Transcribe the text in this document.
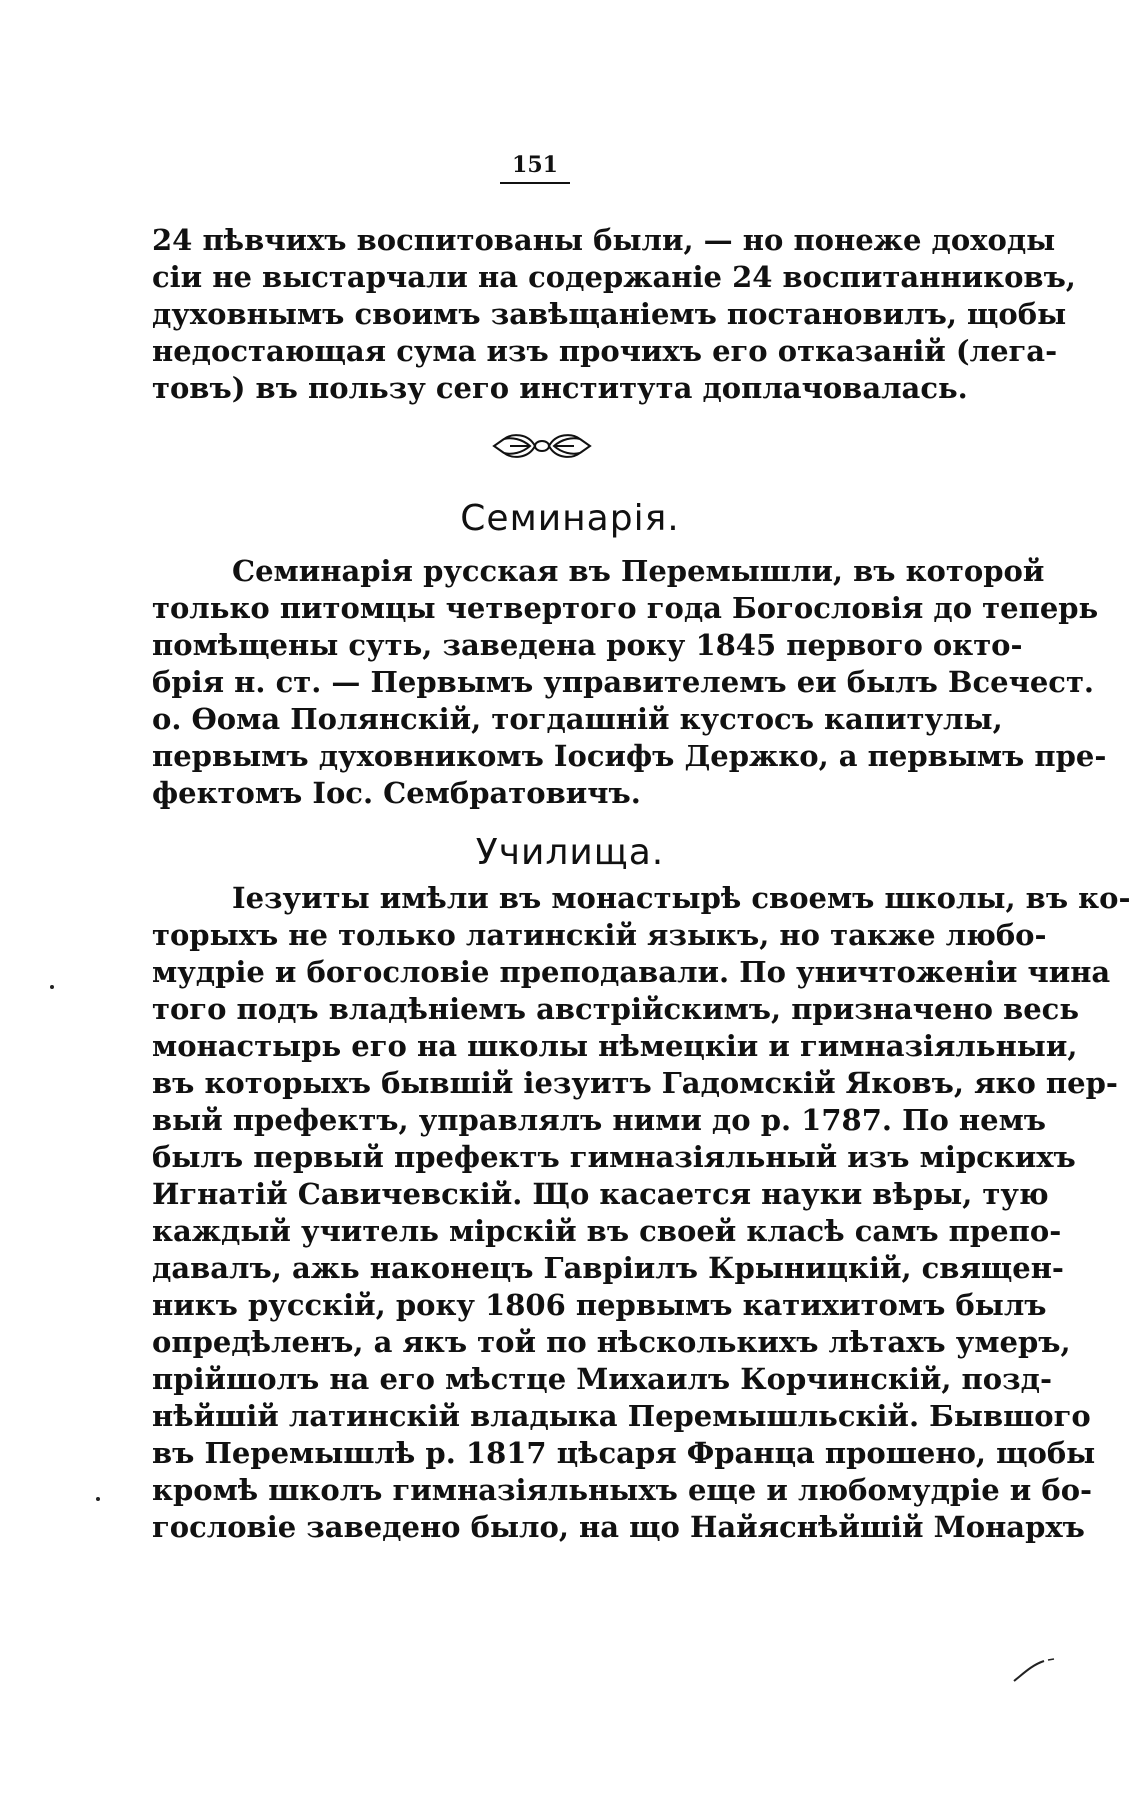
151
24 пѣвчихъ воспитованы были, — но понеже доходы
сіи не выстарчали на содержаніе 24 воспитанниковъ,
духовнымъ своимъ завѣщаніемъ постановилъ, щобы
недостающая сума изъ прочихъ его отказаній (легa-
товъ) въ пользу сего института доплачовалась.
Семинарія.
Семинарія русская въ Перемышли, въ которой
только питомцы четвертого года Богословія до теперь
помѣщены суть, заведена року 1845 первого окто-
брія н. ст. — Первымъ управителемъ еи былъ Всечест.
о. Ѳома Полянскій, тогдашній кустосъ капитулы,
первымъ духовникомъ Іосифъ Держко, а первымъ пре-
фектомъ Іос. Сембратовичъ.
Училища.
Іезуиты имѣли въ монастырѣ своемъ школы, въ ко-
торыхъ не только латинскій языкъ, но также любо-
мудріе и богословіе преподавали. По уничтоженіи чина
того подъ владѣніемъ австрійскимъ, призначено весь
монастырь его на школы нѣмецкіи и гимназіяльныи,
въ которыхъ бывшій іезуитъ Гадомскій Яковъ, яко пер-
вый префектъ, управлялъ ними до р. 1787. По немъ
былъ первый префектъ гимназіяльный изъ мірскихъ
Игнатій Савичевскій. Що касается науки вѣры, тую
каждый учитель мірскій въ своей класѣ самъ препо-
давалъ, ажь наконецъ Гавріилъ Крыницкій, священ-
никъ русскій, року 1806 первымъ катихитомъ былъ
опредѣленъ, а якъ той по нѣсколькихъ лѣтахъ умеръ,
прійшолъ на его мѣстце Михаилъ Корчинскій, позд-
нѣйшій латинскій владыка Перемышльскій. Бывшого
въ Перемышлѣ р. 1817 цѣсаря Франца прошено, щобы
кромѣ школъ гимназіяльныхъ еще и любомудріе и бо-
гословіе заведено было, на що Найяснѣйшій Монархъ
